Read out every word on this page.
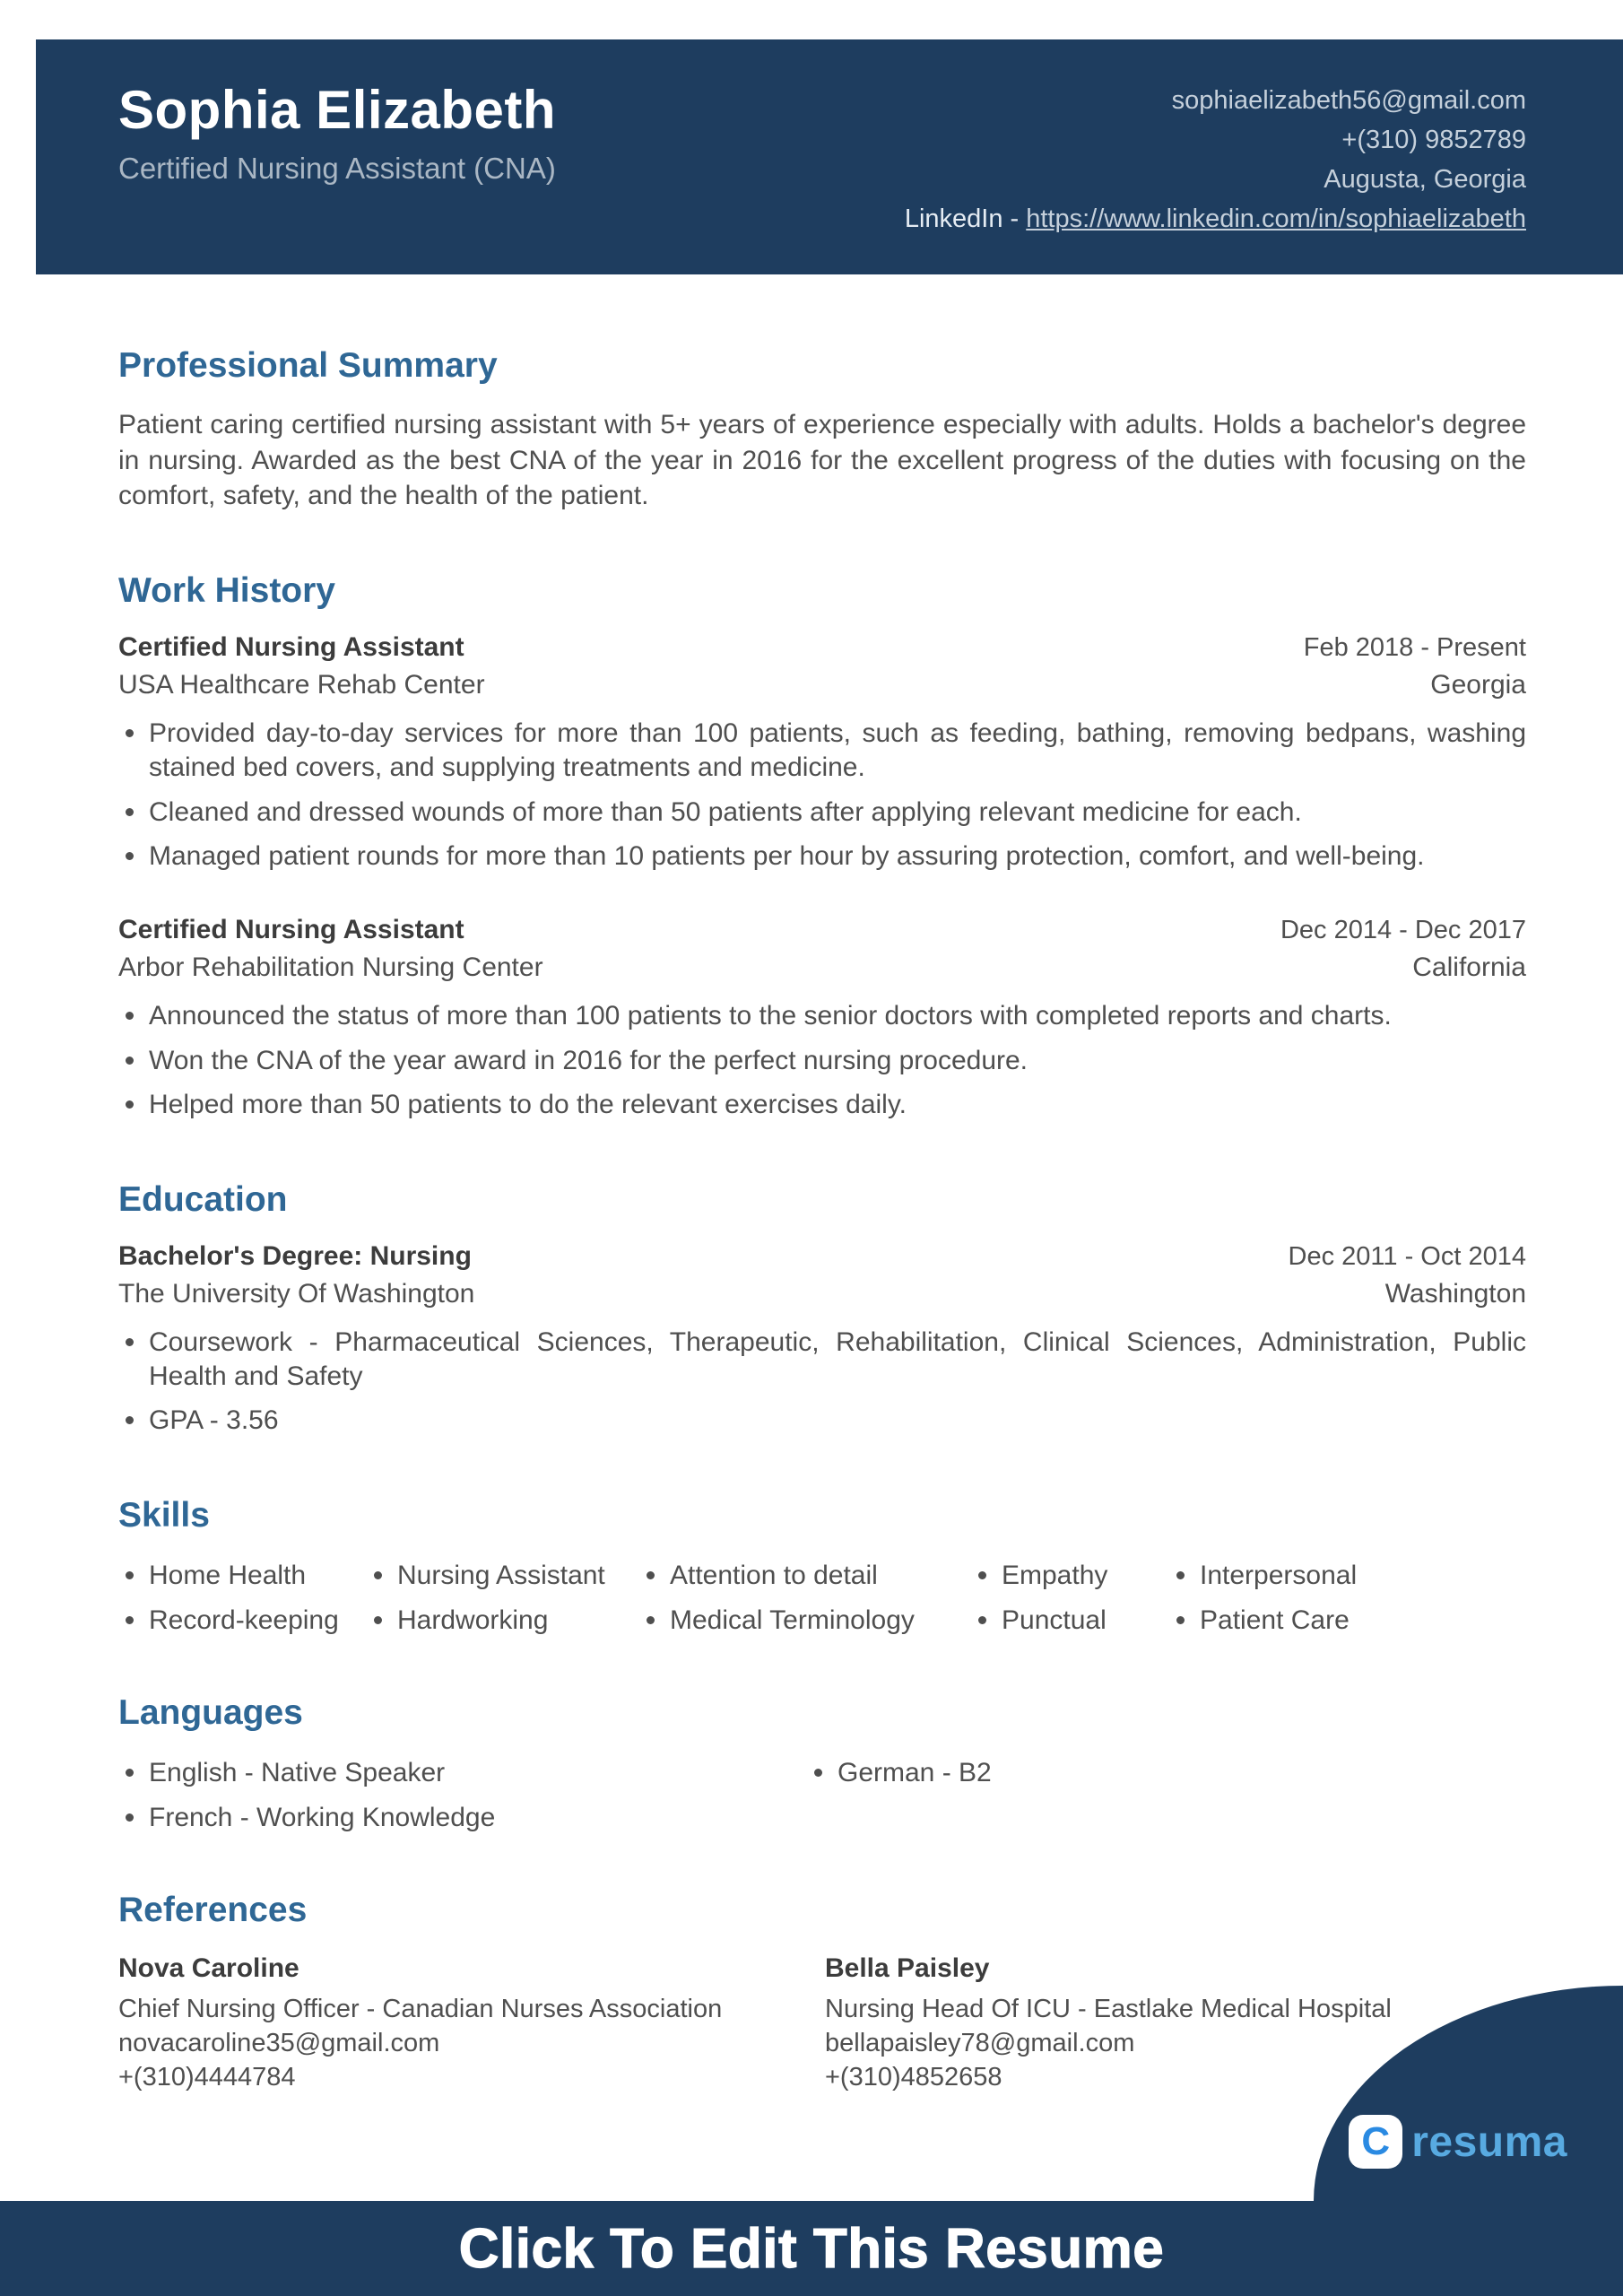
Sophia Elizabeth
Certified Nursing Assistant (CNA)
sophiaelizabeth56@gmail.com
+(310) 9852789
Augusta, Georgia
LinkedIn - https://www.linkedin.com/in/sophiaelizabeth
Professional Summary

Patient caring certified nursing assistant with 5+ years of experience especially with adults. Holds a bachelor's degree in nursing. Awarded as the best CNA of the year in 2016 for the excellent progress of the duties with focusing on the comfort, safety, and the health of the patient.

Work History
Certified Nursing Assistant	Feb 2018 - Present
USA Healthcare Rehab Center	Georgia
Provided day-to-day services for more than 100 patients, such as feeding, bathing, removing bedpans, washing stained bed covers, and supplying treatments and medicine.
Cleaned and dressed wounds of more than 50 patients after applying relevant medicine for each.
Managed patient rounds for more than 10 patients per hour by assuring protection, comfort, and well-being.
Certified Nursing Assistant	Dec 2014 - Dec 2017
Arbor Rehabilitation Nursing Center	California
Announced the status of more than 100 patients to the senior doctors with completed reports and charts.
Won the CNA of the year award in 2016 for the perfect nursing procedure.
Helped more than 50 patients to do the relevant exercises daily.
Education
Bachelor's Degree: Nursing	Dec 2011 - Oct 2014
The University Of Washington	Washington
Coursework - Pharmaceutical Sciences, Therapeutic, Rehabilitation, Clinical Sciences, Administration, Public Health and Safety
GPA - 3.56
Skills
Home Health	Nursing Assistant	Attention to detail	Empathy	Interpersonal
Record-keeping	Hardworking	Medical Terminology	Punctual	Patient Care
Languages
English - Native Speaker	German - B2
French - Working Knowledge
References
Nova Caroline
Chief Nursing Officer - Canadian Nurses Association
novacaroline35@gmail.com
+(310)4444784
Bella Paisley
Nursing Head Of ICU - Eastlake Medical Hospital
bellapaisley78@gmail.com
+(310)4852658
C resuma
Click To Edit This Resume
